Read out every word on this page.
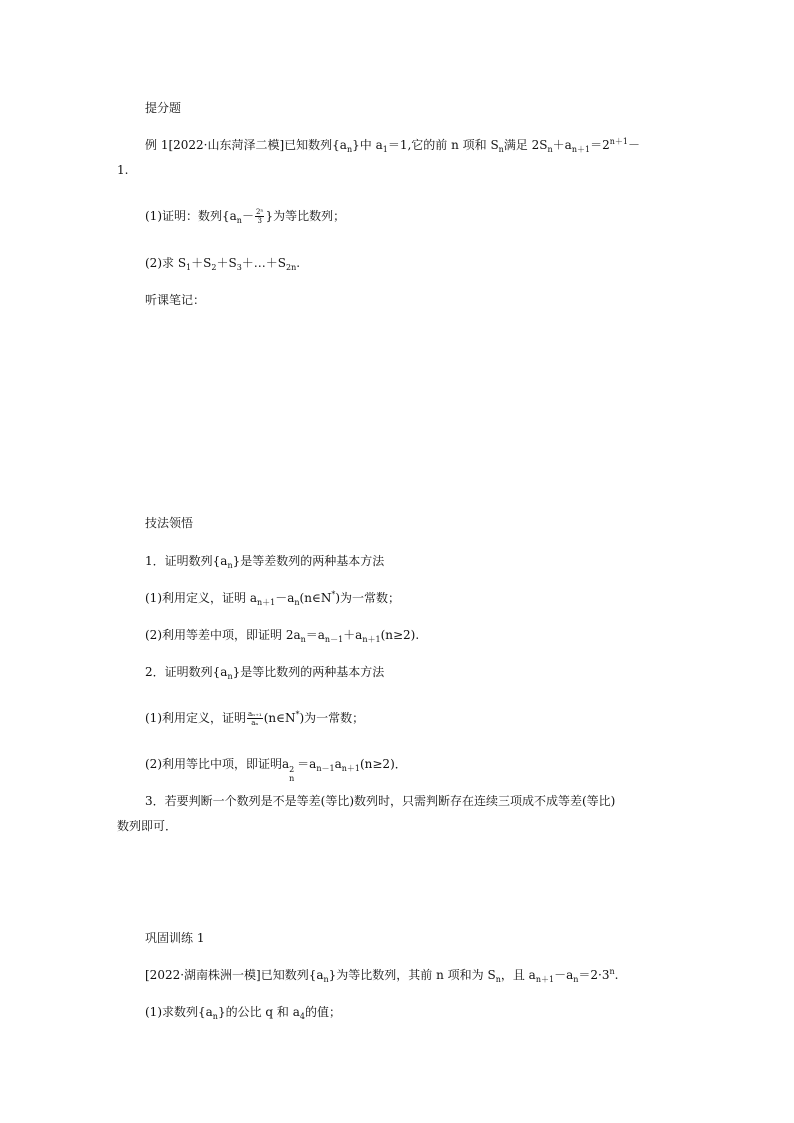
提分题
例 1[2022·山东菏泽二模]已知数列$\{a_n\}$中 $a_1=1$,它的前 n 项和 $S_n$满足 $2S_n+a_{n+1}=2^{n+1}-$
1.
(1)证明：数列{$a_n- \frac{\text{2ⁿ}}{3}$ }为等比数列；
(2)求 $S_1+S_2+S_3+\dots+S_{2n}$.
听课笔记：
技法领悟
1．证明数列$\{a_n\}$是等差数列的两种基本方法
(1)利用定义，证明 $a_{n+1}-a_n(n\in N^*)$为一常数；
(2)利用等差中项，即证明 $2a_n=a_{n-1}+a_{n+1}(n\ge 2)$.
2．证明数列$\{a_n\}$是等比数列的两种基本方法
(1)利用定义，证明 $\frac{\text{aₙ₊₁}}{\text{aₙ}}$ (n∈N*)为一常数；
(2)利用等比中项，即证明a 2
n
$=a_{n-1}a_{n+1}(n\ge 2)$．
3．若要判断一个数列是不是等差(等比)数列时，只需判断存在连续三项成不成等差(等比)
数列即可．
巩固训练 1
[2022·湖南株洲一模]已知数列$\{a_n\}$为等比数列，其前 n 项和为 $S_n$，且 $a_{n+1}-a_n=2\cdot 3^n$.
(1)求数列$\{a_n\}$的公比 q 和 $a_4$的值；
